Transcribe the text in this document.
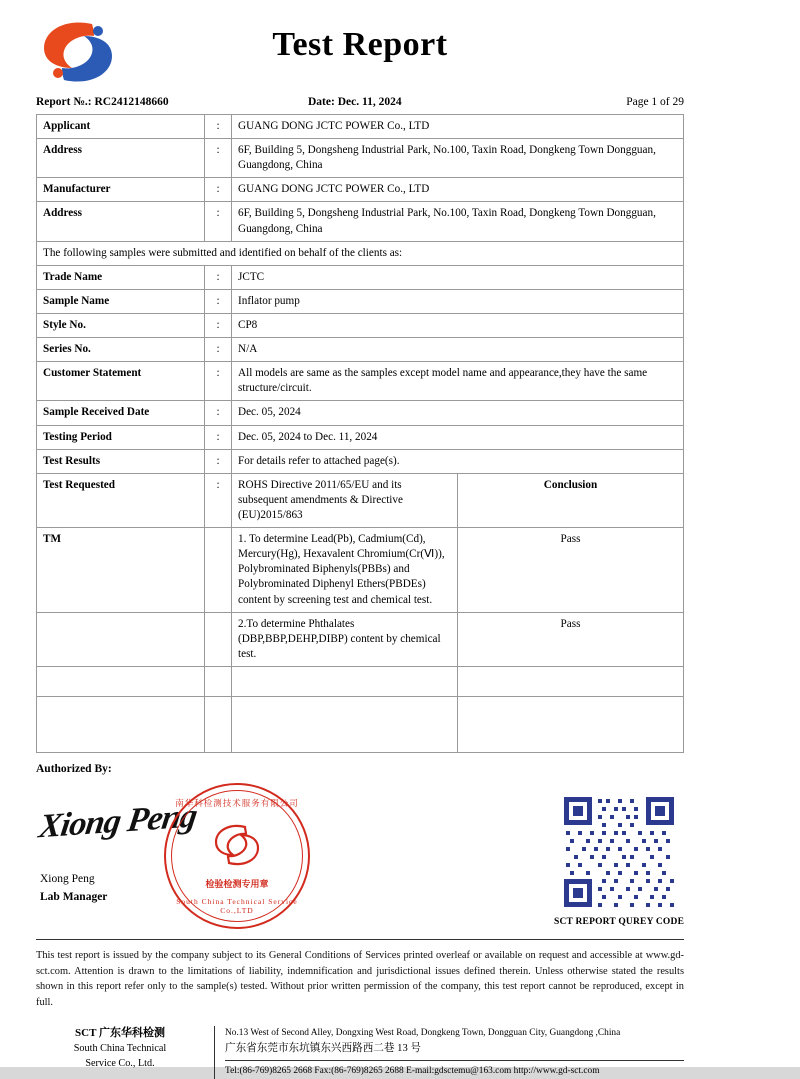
Test Report
Report №.: RC2412148660	Date: Dec. 11, 2024	Page 1 of 29
Applicant	:	GUANG DONG JCTC POWER Co., LTD	
Address	:	6F, Building 5, Dongsheng Industrial Park, No.100, Taxin Road, Dongkeng Town Dongguan, Guangdong, China	
Manufacturer	:	GUANG DONG JCTC POWER Co., LTD	
Address	:	6F, Building 5, Dongsheng Industrial Park, No.100, Taxin Road, Dongkeng Town Dongguan, Guangdong, China	
The following samples were submitted and identified on behalf of the clients as:			
Trade Name	:	JCTC	
Sample Name	:	Inflator pump	
Style No.	:	CP8	
Series No.	:	N/A	
Customer Statement	:	All models are same as the samples except model name and appearance,they have the same structure/circuit.	
Sample Received Date	:	Dec. 05, 2024	
Testing Period	:	Dec. 05, 2024 to Dec. 11, 2024	
Test Results	:	For details refer to attached page(s).	
Test Requested	:	ROHS Directive 2011/65/EU and its subsequent amendments & Directive (EU)2015/863	Conclusion
TM		1. To determine Lead(Pb), Cadmium(Cd), Mercury(Hg), Hexavalent Chromium(Cr(Ⅵ)), Polybrominated Biphenyls(PBBs) and Polybrominated Diphenyl Ethers(PBDEs) content by screening test and chemical test.	Pass
		2.To determine Phthalates (DBP,BBP,DEHP,DIBP) content by chemical test.	Pass

Authorized By:
Xiong Peng
南华科检测技术服务有限公司
检验检测专用章
South China Technical Service Co.,LTD
Xiong Peng
Lab Manager
SCT REPORT QUREY CODE
This test report is issued by the company subject to its General Conditions of Services printed overleaf or available on request and accessible at www.gd-sct.com. Attention is drawn to the limitations of liability, indemnification and jurisdictional issues defined therein. Unless otherwise stated the results shown in this report refer only to the sample(s) tested. Without prior written permission of the company, this test report cannot be reproduced, except in full.
SCT 广东华科检测
South China Technical
Service Co., Ltd.
No.13 West of Second Alley, Dongxing West Road, Dongkeng Town, Dongguan City, Guangdong ,China
广东省东莞市东坑镇东兴西路西二巷 13 号
Tel:(86-769)8265 2668 Fax:(86-769)8265 2688 E-mail:gdsctemu@163.com http://www.gd-sct.com
